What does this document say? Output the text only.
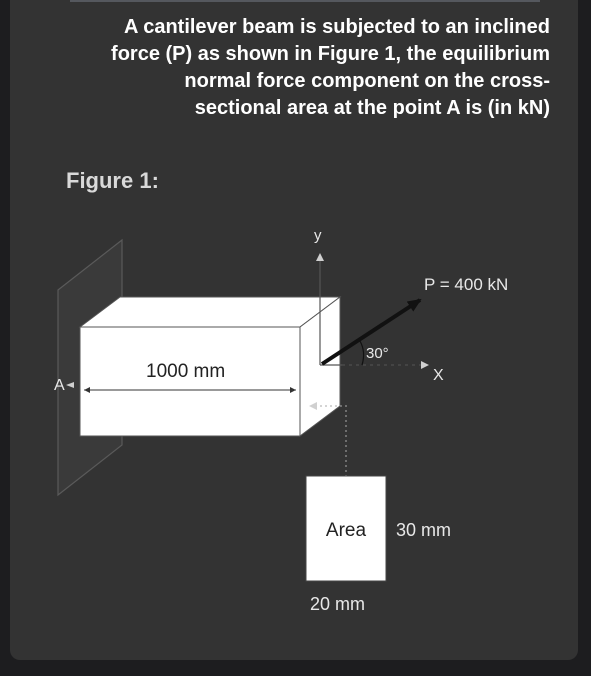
A cantilever beam is subjected to an inclined
force (P) as shown in Figure 1, the equilibrium
normal force component on the cross-
sectional area at the point A is (in kN)

Figure 1:
1000 mm
A
y
P = 400 kN
30°
X
Area 30 mm
20 mm
